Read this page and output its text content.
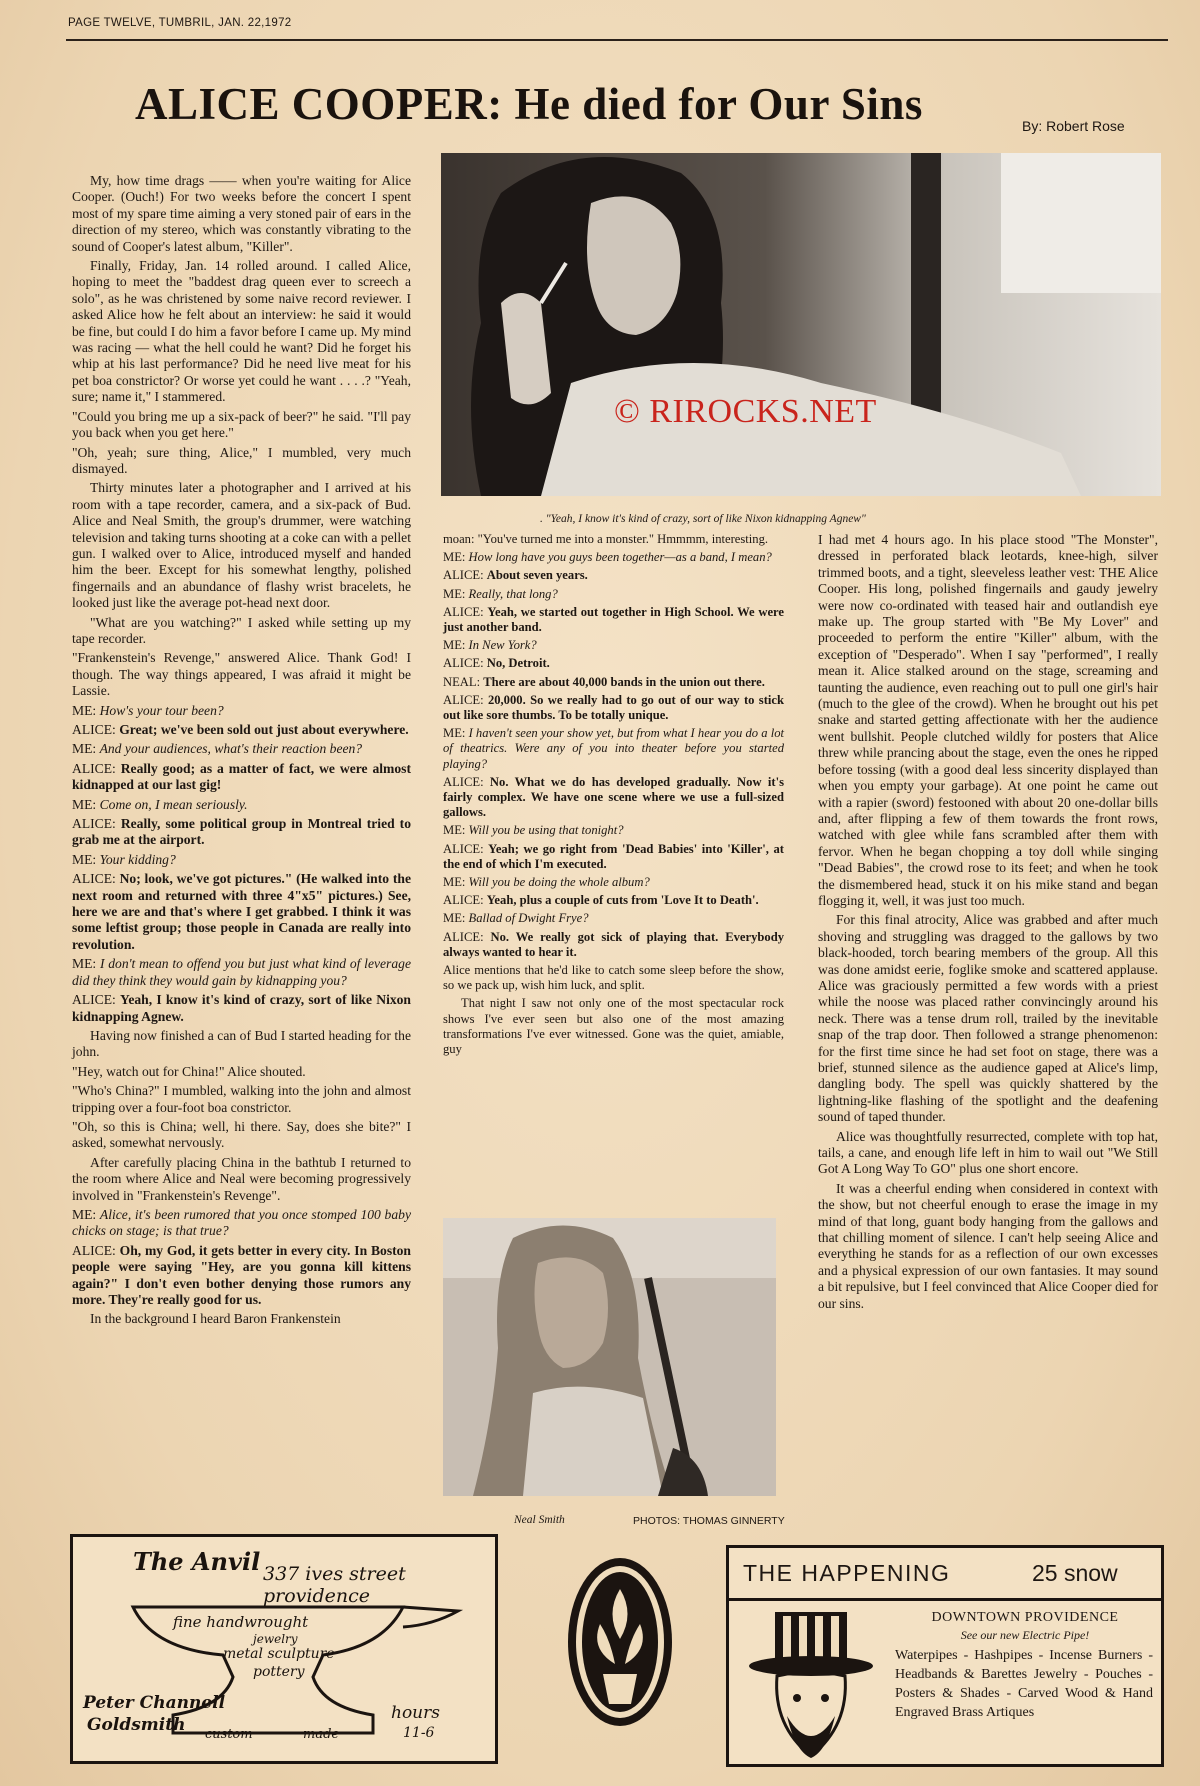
PAGE TWELVE, TUMBRIL, JAN. 22,1972
ALICE COOPER: He died for Our Sins	By: Robert Rose
© RIROCKS.NET
. "Yeah, I know it's kind of crazy, sort of like Nixon kidnapping Agnew"

My, how time drags —— when you're waiting for Alice Cooper. (Ouch!) For two weeks before the concert I spent most of my spare time aiming a very stoned pair of ears in the direction of my stereo, which was constantly vibrating to the sound of Cooper's latest album, "Killer".

Finally, Friday, Jan. 14 rolled around. I called Alice, hoping to meet the "baddest drag queen ever to screech a solo", as he was christened by some naive record reviewer. I asked Alice how he felt about an interview: he said it would be fine, but could I do him a favor before I came up. My mind was racing — what the hell could he want? Did he forget his whip at his last performance? Did he need live meat for his pet boa constrictor? Or worse yet could he want . . . .? "Yeah, sure; name it," I stammered.

"Could you bring me up a six-pack of beer?" he said. "I'll pay you back when you get here."

"Oh, yeah; sure thing, Alice," I mumbled, very much dismayed.

Thirty minutes later a photographer and I arrived at his room with a tape recorder, camera, and a six-pack of Bud. Alice and Neal Smith, the group's drummer, were watching television and taking turns shooting at a coke can with a pellet gun. I walked over to Alice, introduced myself and handed him the beer. Except for his somewhat lengthy, polished fingernails and an abundance of flashy wrist bracelets, he looked just like the average pot-head next door.

"What are you watching?" I asked while setting up my tape recorder.

"Frankenstein's Revenge," answered Alice. Thank God! I though. The way things appeared, I was afraid it might be Lassie.

ME: How's your tour been?

ALICE: Great; we've been sold out just about everywhere.

ME: And your audiences, what's their reaction been?

ALICE: Really good; as a matter of fact, we were almost kidnapped at our last gig!

ME: Come on, I mean seriously.

ALICE: Really, some political group in Montreal tried to grab me at the airport.

ME: Your kidding?

ALICE: No; look, we've got pictures." (He walked into the next room and returned with three 4"x5" pictures.) See, here we are and that's where I get grabbed. I think it was some leftist group; those people in Canada are really into revolution.

ME: I don't mean to offend you but just what kind of leverage did they think they would gain by kidnapping you?

ALICE: Yeah, I know it's kind of crazy, sort of like Nixon kidnapping Agnew.

Having now finished a can of Bud I started heading for the john.

"Hey, watch out for China!" Alice shouted.

"Who's China?" I mumbled, walking into the john and almost tripping over a four-foot boa constrictor.

"Oh, so this is China; well, hi there. Say, does she bite?" I asked, somewhat nervously.

After carefully placing China in the bathtub I returned to the room where Alice and Neal were becoming progressively involved in "Frankenstein's Revenge".

ME: Alice, it's been rumored that you once stomped 100 baby chicks on stage; is that true?

ALICE: Oh, my God, it gets better in every city. In Boston people were saying "Hey, are you gonna kill kittens again?" I don't even bother denying those rumors any more. They're really good for us.

In the background I heard Baron Frankenstein

moan: "You've turned me into a monster." Hmmmm, interesting.

ME: How long have you guys been together—as a band, I mean?

ALICE: About seven years.

ME: Really, that long?

ALICE: Yeah, we started out together in High School. We were just another band.

ME: In New York?

ALICE: No, Detroit.

NEAL: There are about 40,000 bands in the union out there.

ALICE: 20,000. So we really had to go out of our way to stick out like sore thumbs. To be totally unique.

ME: I haven't seen your show yet, but from what I hear you do a lot of theatrics. Were any of you into theater before you started playing?

ALICE: No. What we do has developed gradually. Now it's fairly complex. We have one scene where we use a full-sized gallows.

ME: Will you be using that tonight?

ALICE: Yeah; we go right from 'Dead Babies' into 'Killer', at the end of which I'm executed.

ME: Will you be doing the whole album?

ALICE: Yeah, plus a couple of cuts from 'Love It to Death'.

ME: Ballad of Dwight Frye?

ALICE: No. We really got sick of playing that. Everybody always wanted to hear it.

Alice mentions that he'd like to catch some sleep before the show, so we pack up, wish him luck, and split.

That night I saw not only one of the most spectacular rock shows I've ever seen but also one of the most amazing transformations I've ever witnessed. Gone was the quiet, amiable, guy

I had met 4 hours ago. In his place stood "The Monster", dressed in perforated black leotards, knee-high, silver trimmed boots, and a tight, sleeveless leather vest: THE Alice Cooper. His long, polished fingernails and gaudy jewelry were now co-ordinated with teased hair and outlandish eye make up. The group started with "Be My Lover" and proceeded to perform the entire "Killer" album, with the exception of "Desperado". When I say "performed", I really mean it. Alice stalked around on the stage, screaming and taunting the audience, even reaching out to pull one girl's hair (much to the glee of the crowd). When he brought out his pet snake and started getting affectionate with her the audience went bullshit. People clutched wildly for posters that Alice threw while prancing about the stage, even the ones he ripped before tossing (with a good deal less sincerity displayed than when you empty your garbage). At one point he came out with a rapier (sword) festooned with about 20 one-dollar bills and, after flipping a few of them towards the front rows, watched with glee while fans scrambled after them with fervor. When he began chopping a toy doll while singing "Dead Babies", the crowd rose to its feet; and when he took the dismembered head, stuck it on his mike stand and began flogging it, well, it was just too much.

For this final atrocity, Alice was grabbed and after much shoving and struggling was dragged to the gallows by two black-hooded, torch bearing members of the group. All this was done amidst eerie, foglike smoke and scattered applause. Alice was graciously permitted a few words with a priest while the noose was placed rather convincingly around his neck. There was a tense drum roll, trailed by the inevitable snap of the trap door. Then followed a strange phenomenon: for the first time since he had set foot on stage, there was a brief, stunned silence as the audience gaped at Alice's limp, dangling body. The spell was quickly shattered by the lightning-like flashing of the spotlight and the deafening sound of taped thunder.

Alice was thoughtfully resurrected, complete with top hat, tails, a cane, and enough life left in him to wail out "We Still Got A Long Way To GO" plus one short encore.

It was a cheerful ending when considered in context with the show, but not cheerful enough to erase the image in my mind of that long, guant body hanging from the gallows and that chilling moment of silence. I can't help seeing Alice and everything he stands for as a reflection of our own excesses and a physical expression of our own fantasies. It may sound a bit repulsive, but I feel convinced that Alice Cooper died for our sins.

Neal Smith	PHOTOS: THOMAS GINNERTY
The Anvil 337 ives street providence
fine handwrought
jewelry
metal sculpture
pottery
Peter Channell
Goldsmith custom	made
hours
11-6
THE HAPPENING	25 snow
DOWNTOWN PROVIDENCE
See our new Electric Pipe!
Waterpipes - Hashpipes - Incense Burners - Headbands & Barettes Jewelry - Pouches - Posters & Shades - Carved Wood & Hand Engraved Brass Artiques
